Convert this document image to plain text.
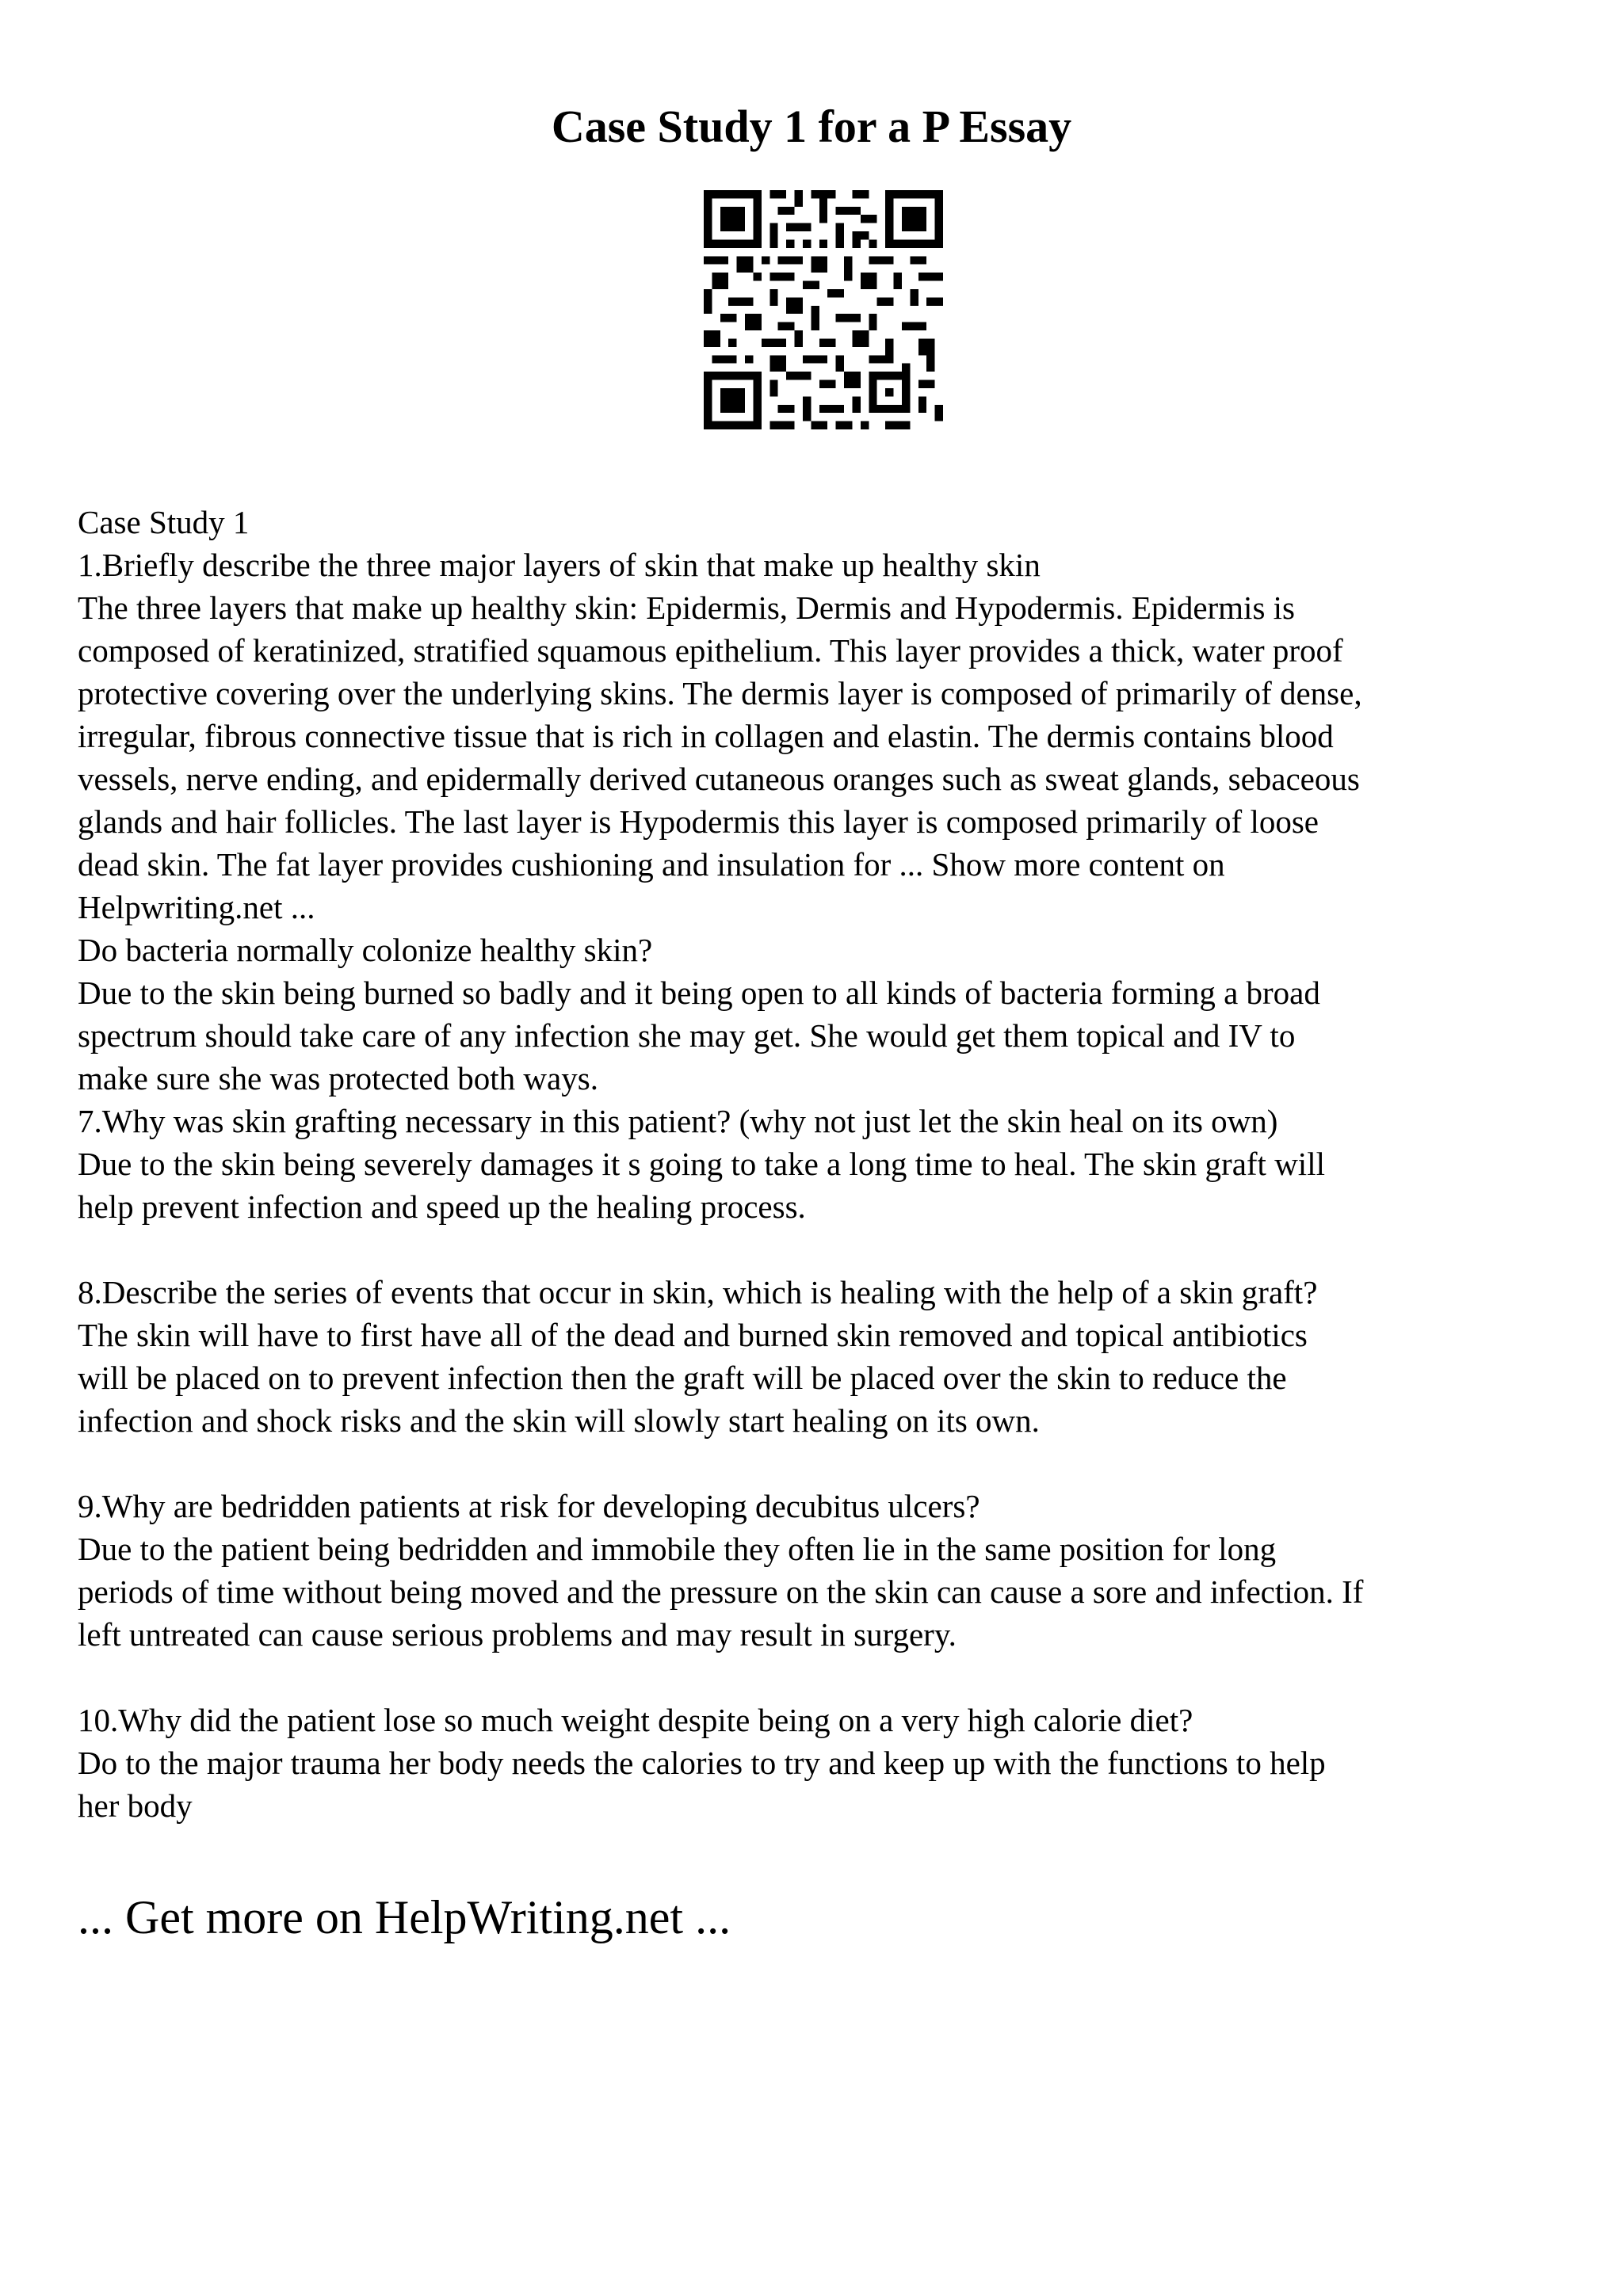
Case Study 1 for a P Essay
Case Study 1
1.Briefly describe the three major layers of skin that make up healthy skin
The three layers that make up healthy skin: Epidermis, Dermis and Hypodermis. Epidermis is
composed of keratinized, stratified squamous epithelium. This layer provides a thick, water proof
protective covering over the underlying skins. The dermis layer is composed of primarily of dense,
irregular, fibrous connective tissue that is rich in collagen and elastin. The dermis contains blood
vessels, nerve ending, and epidermally derived cutaneous oranges such as sweat glands, sebaceous
glands and hair follicles. The last layer is Hypodermis this layer is composed primarily of loose
dead skin. The fat layer provides cushioning and insulation for ... Show more content on
Helpwriting.net ...
Do bacteria normally colonize healthy skin?
Due to the skin being burned so badly and it being open to all kinds of bacteria forming a broad
spectrum should take care of any infection she may get. She would get them topical and IV to
make sure she was protected both ways.
7.Why was skin grafting necessary in this patient? (why not just let the skin heal on its own)
Due to the skin being severely damages it s going to take a long time to heal. The skin graft will
help prevent infection and speed up the healing process.
8.Describe the series of events that occur in skin, which is healing with the help of a skin graft?
The skin will have to first have all of the dead and burned skin removed and topical antibiotics
will be placed on to prevent infection then the graft will be placed over the skin to reduce the
infection and shock risks and the skin will slowly start healing on its own.
9.Why are bedridden patients at risk for developing decubitus ulcers?
Due to the patient being bedridden and immobile they often lie in the same position for long
periods of time without being moved and the pressure on the skin can cause a sore and infection. If
left untreated can cause serious problems and may result in surgery.
10.Why did the patient lose so much weight despite being on a very high calorie diet?
Do to the major trauma her body needs the calories to try and keep up with the functions to help
her body
... Get more on HelpWriting.net ...
